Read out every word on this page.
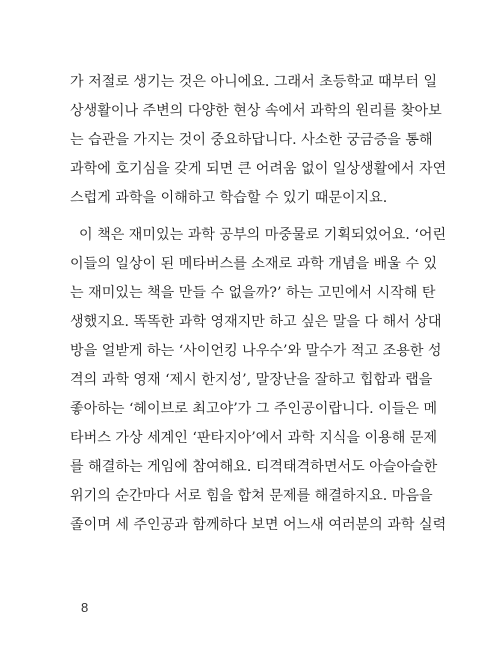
가 저절로 생기는 것은 아니에요. 그래서 초등학교 때부터 일
상생활이나 주변의 다양한 현상 속에서 과학의 원리를 찾아보
는 습관을 가지는 것이 중요하답니다. 사소한 궁금증을 통해
과학에 호기심을 갖게 되면 큰 어려움 없이 일상생활에서 자연
스럽게 과학을 이해하고 학습할 수 있기 때문이지요.
이 책은 재미있는 과학 공부의 마중물로 기획되었어요. ‘어린
이들의 일상이 된 메타버스를 소재로 과학 개념을 배울 수 있
는 재미있는 책을 만들 수 없을까?’ 하는 고민에서 시작해 탄
생했지요. 똑똑한 과학 영재지만 하고 싶은 말을 다 해서 상대
방을 얼받게 하는 ‘사이언킹 나우수’와 말수가 적고 조용한 성
격의 과학 영재 ‘제시 한지성’, 말장난을 잘하고 힙합과 랩을
좋아하는 ‘헤이브로 최고야’가 그 주인공이랍니다. 이들은 메
타버스 가상 세계인 ‘판타지아’에서 과학 지식을 이용해 문제
를 해결하는 게임에 참여해요. 티격태격하면서도 아슬아슬한
위기의 순간마다 서로 힘을 합쳐 문제를 해결하지요. 마음을
졸이며 세 주인공과 함께하다 보면 어느새 여러분의 과학 실력
8
